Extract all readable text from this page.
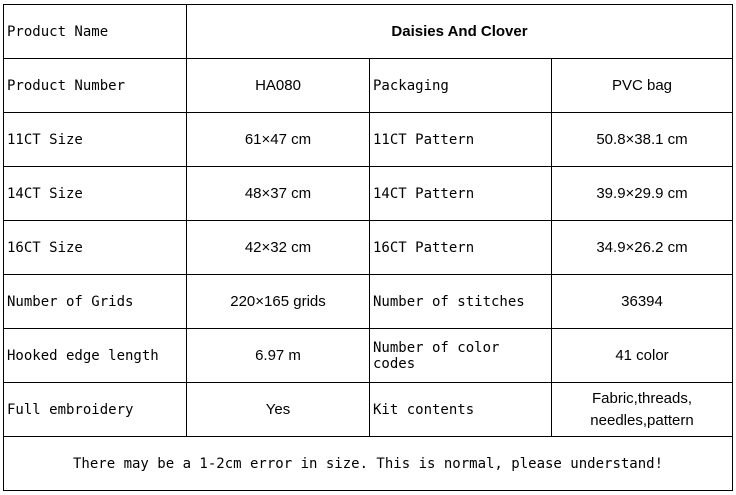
Product Name	Daisies And Clover		
Product Number	HA080	Packaging	PVC bag
11CT Size	61×47 cm	11CT Pattern	50.8×38.1 cm
14CT Size	48×37 cm	14CT Pattern	39.9×29.9 cm
16CT Size	42×32 cm	16CT Pattern	34.9×26.2 cm
Number of Grids	220×165 grids	Number of stitches	36394
Hooked edge length	6.97 m	Number of color codes	41 color
Full embroidery	Yes	Kit contents	Fabric,threads,
needles,pattern

There may be a 1-2cm error in size. This is normal, please understand!			
